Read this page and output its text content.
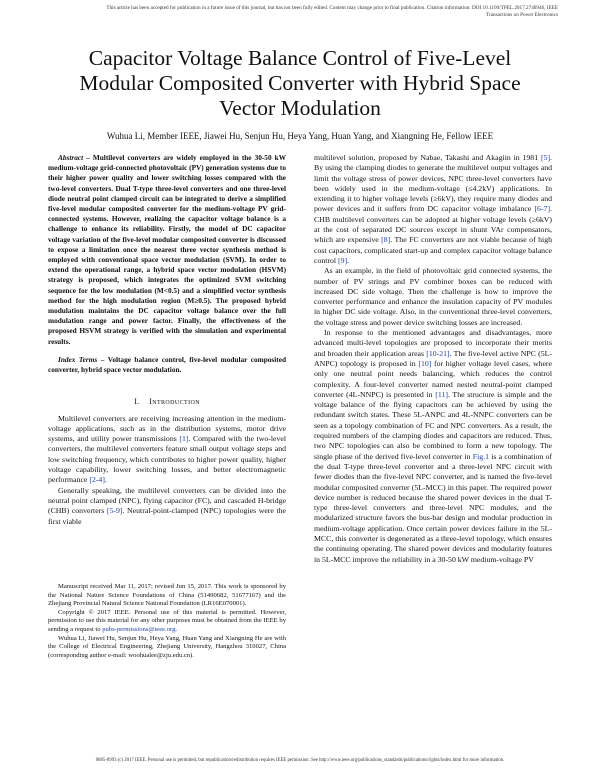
This article has been accepted for publication in a future issue of this journal, but has not been fully edited. Content may change prior to final publication. Citation information: DOI 10.1109/TPEL.2017.2740946, IEEE
Transactions on Power Electronics
Capacitor Voltage Balance Control of Five-Level
Modular Composited Converter with Hybrid Space
Vector Modulation
Wuhua Li, Member IEEE, Jiawei Hu, Senjun Hu, Heya Yang, Huan Yang, and Xiangning He, Fellow IEEE

Abstract – Multilevel converters are widely employed in the 30-50 kW medium-voltage grid-connected photovoltaic (PV) generation systems due to their higher power quality and lower switching losses compared with the two-level converters. Dual T-type three-level converters and one three-level diode neutral point clamped circuit can be integrated to derive a simplified five-level modular composited converter for the medium-voltage PV grid-connected systems. However, realizing the capacitor voltage balance is a challenge to enhance its reliability. Firstly, the model of DC capacitor voltage variation of the five-level modular composited converter is discussed to expose a limitation once the nearest three vector synthesis method is employed with conventional space vector modulation (SVM). In order to extend the operational range, a hybrid space vector modulation (HSVM) strategy is proposed, which integrates the optimized SVM switching sequence for the low modulation (M<0.5) and a simplified vector synthesis method for the high modulation region (M≥0.5). The proposed hybrid modulation maintains the DC capacitor voltage balance over the full modulation range and power factor. Finally, the effectiveness of the proposed HSVM strategy is verified with the simulation and experimental results.

Index Terms – Voltage balance control, five-level modular composited converter, hybrid space vector modulation.

I. Introduction

Multilevel converters are receiving increasing attention in the medium-voltage applications, such as in the distribution systems, motor drive systems, and utility power transmissions [1]. Compared with the two-level converters, the multilevel converters feature small output voltage steps and low switching frequency, which contributes to higher power quality, higher voltage capability, lower switching losses, and better electromagnetic performance [2-4].

Generally speaking, the multilevel converters can be divided into the neutral point clamped (NPC), flying capacitor (FC), and cascaded H-bridge (CHB) converters [5-9]. Neutral-point-clamped (NPC) topologies were the first viable

Manuscript received Mar 11, 2017; revised Jun 15, 2017. This work is sponsored by the National Nature Science Foundations of China (51490682, 51677167) and the Zhejiang Provincial Natural Science National Foundation (LR16E070001).

Copyright © 2017 IEEE. Personal use of this material is permitted. However, permission to use this material for any other purposes must be obtained from the IEEE by sending a request to pubs-permissions@ieee.org.

Wuhua Li, Jiawei Hu, Senjun Hu, Heya Yang, Huan Yang and Xiangning He are with the College of Electrical Engineering, Zhejiang University, Hangzhou 310027, China (corresponding author e-mail: woohualee@zju.edu.cn).

multilevel solution, proposed by Nabae, Takashi and Akagiin in 1981 [5]. By using the clamping diodes to generate the multilevel output voltages and limit the voltage stress of power devices, NPC three-level converters have been widely used in the medium-voltage (≤4.2kV) applications. In extending it to higher voltage levels (≥6kV), they require many diodes and power devices and it suffers from DC capacitor voltage imbalance [6-7]. CHB multilevel converters can be adopted at higher voltage levels (≥6kV) at the cost of separated DC sources except in shunt VAr compensators, which are expensive [8]. The FC converters are not viable because of high cost capacitors, complicated start-up and complex capacitor voltage balance control [9].

As an example, in the field of photovoltaic grid connected systems, the number of PV strings and PV combiner boxes can be reduced with increased DC side voltage. Then the challenge is how to improve the converter performance and enhance the insulation capacity of PV modules in higher DC side voltage. Also, in the conventional three-level converters, the voltage stress and power device switching losses are increased.

In response to the mentioned advantages and disadvantages, more advanced multi-level topologies are proposed to incorporate their merits and broaden their application areas [10-21]. The five-level active NPC (5L-ANPC) topology is proposed in [10] for higher voltage level cases, where only one neutral point needs balancing, which reduces the control complexity. A four-level converter named nested neutral-point clamped converter (4L-NNPC) is presented in [11]. The structure is simple and the voltage balance of the flying capacitors can be achieved by using the redundant switch states. These 5L-ANPC and 4L-NNPC converters can be seen as a topology combination of FC and NPC converters. As a result, the required numbers of the clamping diodes and capacitors are reduced. Thus, two NPC topologies can also be combined to form a new topology. The single phase of the derived five-level converter in Fig.1 is a combination of the dual T-type three-level converter and a three-level NPC circuit with fewer diodes than the five-level NPC converter, and is named the five-level modular composited converter (5L-MCC) in this paper. The required power device number is reduced because the shared power devices in the dual T-type three-level converters and three-level NPC modules, and the modularized structure favors the bus-bar design and modular production in medium-voltage application. Once certain power devices failure in the 5L-MCC, this converter is degenerated as a three-level topology, which ensures the continuing operating. The shared power devices and modularity features in 5L-MCC improve the reliability in a 30-50 kW medium-voltage PV

0885-8993 (c) 2017 IEEE. Personal use is permitted, but republication/redistribution requires IEEE permission. See http://www.ieee.org/publications_standards/publications/rights/index.html for more information.
